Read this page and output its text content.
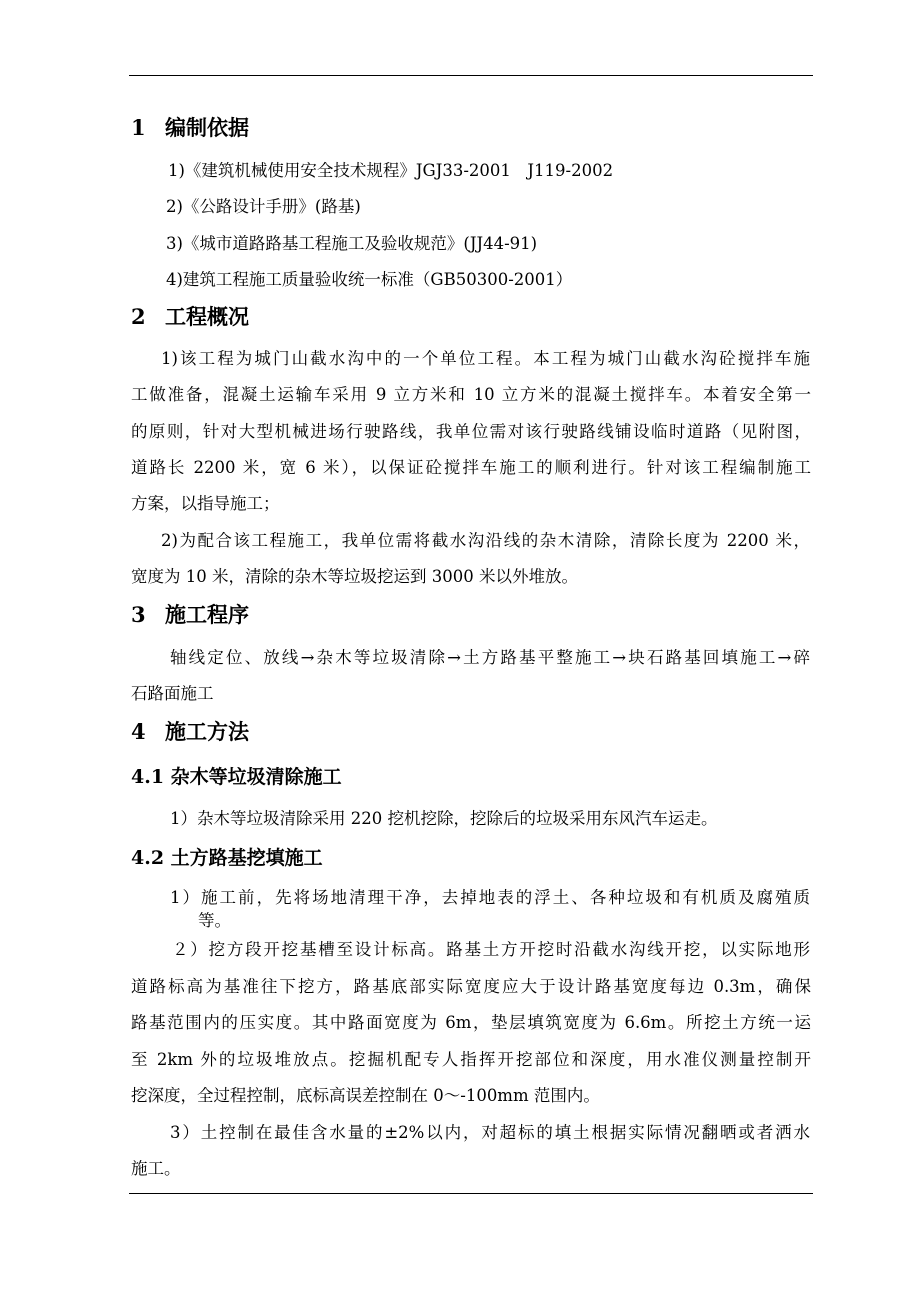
1 编制依据
1)《建筑机械使用安全技术规程》JGJ33-2001　J119-2002
2)《公路设计手册》(路基)
3)《城市道路路基工程施工及验收规范》(JJ44-91)
4)建筑工程施工质量验收统一标准（GB50300-2001）
2 工程概况
1)该工程为城门山截水沟中的一个单位工程。本工程为城门山截水沟砼搅拌车施
工做准备，混凝土运输车采用 9 立方米和 10 立方米的混凝土搅拌车。本着安全第一
的原则，针对大型机械进场行驶路线，我单位需对该行驶路线铺设临时道路（见附图，
道路长 2200 米，宽 6 米），以保证砼搅拌车施工的顺利进行。针对该工程编制施工
方案，以指导施工；
2)为配合该工程施工，我单位需将截水沟沿线的杂木清除，清除长度为 2200 米，
宽度为 10 米，清除的杂木等垃圾挖运到 3000 米以外堆放。
3 施工程序
轴线定位、放线→杂木等垃圾清除→土方路基平整施工→块石路基回填施工→碎
石路面施工
4 施工方法
4.1 杂木等垃圾清除施工
1）杂木等垃圾清除采用 220 挖机挖除，挖除后的垃圾采用东风汽车运走。
4.2 土方路基挖填施工
1）施工前，先将场地清理干净，去掉地表的浮土、各种垃圾和有机质及腐殖质
等。
２）挖方段开挖基槽至设计标高。路基土方开挖时沿截水沟线开挖，以实际地形
道路标高为基准往下挖方，路基底部实际宽度应大于设计路基宽度每边 0.3m，确保
路基范围内的压实度。其中路面宽度为 6m，垫层填筑宽度为 6.6m。所挖土方统一运
至 2km 外的垃圾堆放点。挖掘机配专人指挥开挖部位和深度，用水准仪测量控制开
挖深度，全过程控制，底标高误差控制在 0～-100mm 范围内。
3）土控制在最佳含水量的±2%以内，对超标的填土根据实际情况翻晒或者洒水
施工。
